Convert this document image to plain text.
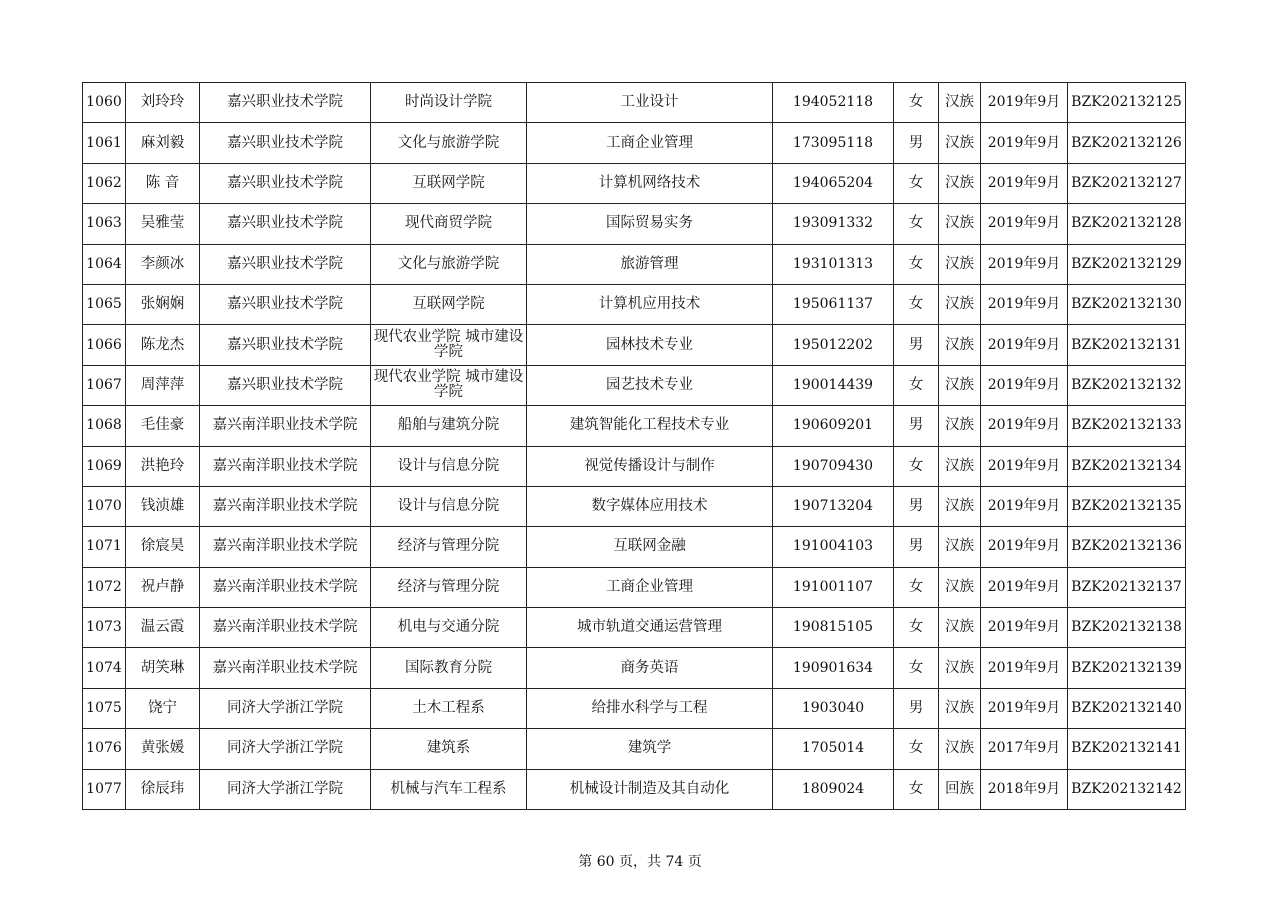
1060	刘玲玲	嘉兴职业技术学院	时尚设计学院	工业设计	194052118	女	汉族	2019年9月	BZK202132125
1061	麻刘毅	嘉兴职业技术学院	文化与旅游学院	工商企业管理	173095118	男	汉族	2019年9月	BZK202132126
1062	陈 音	嘉兴职业技术学院	互联网学院	计算机网络技术	194065204	女	汉族	2019年9月	BZK202132127
1063	吴雅莹	嘉兴职业技术学院	现代商贸学院	国际贸易实务	193091332	女	汉族	2019年9月	BZK202132128
1064	李颜冰	嘉兴职业技术学院	文化与旅游学院	旅游管理	193101313	女	汉族	2019年9月	BZK202132129
1065	张娴娴	嘉兴职业技术学院	互联网学院	计算机应用技术	195061137	女	汉族	2019年9月	BZK202132130
1066	陈龙杰	嘉兴职业技术学院	现代农业学院 城市建设学院	园林技术专业	195012202	男	汉族	2019年9月	BZK202132131
1067	周萍萍	嘉兴职业技术学院	现代农业学院 城市建设学院	园艺技术专业	190014439	女	汉族	2019年9月	BZK202132132
1068	毛佳豪	嘉兴南洋职业技术学院	船舶与建筑分院	建筑智能化工程技术专业	190609201	男	汉族	2019年9月	BZK202132133
1069	洪艳玲	嘉兴南洋职业技术学院	设计与信息分院	视觉传播设计与制作	190709430	女	汉族	2019年9月	BZK202132134
1070	钱浈雄	嘉兴南洋职业技术学院	设计与信息分院	数字媒体应用技术	190713204	男	汉族	2019年9月	BZK202132135
1071	徐宸昊	嘉兴南洋职业技术学院	经济与管理分院	互联网金融	191004103	男	汉族	2019年9月	BZK202132136
1072	祝卢静	嘉兴南洋职业技术学院	经济与管理分院	工商企业管理	191001107	女	汉族	2019年9月	BZK202132137
1073	温云霞	嘉兴南洋职业技术学院	机电与交通分院	城市轨道交通运营管理	190815105	女	汉族	2019年9月	BZK202132138
1074	胡笑琳	嘉兴南洋职业技术学院	国际教育分院	商务英语	190901634	女	汉族	2019年9月	BZK202132139
1075	饶宁	同济大学浙江学院	土木工程系	给排水科学与工程	1903040	男	汉族	2019年9月	BZK202132140
1076	黄张媛	同济大学浙江学院	建筑系	建筑学	1705014	女	汉族	2017年9月	BZK202132141
1077	徐辰玮	同济大学浙江学院	机械与汽车工程系	机械设计制造及其自动化	1809024	女	回族	2018年9月	BZK202132142
第 60 页，共 74 页
